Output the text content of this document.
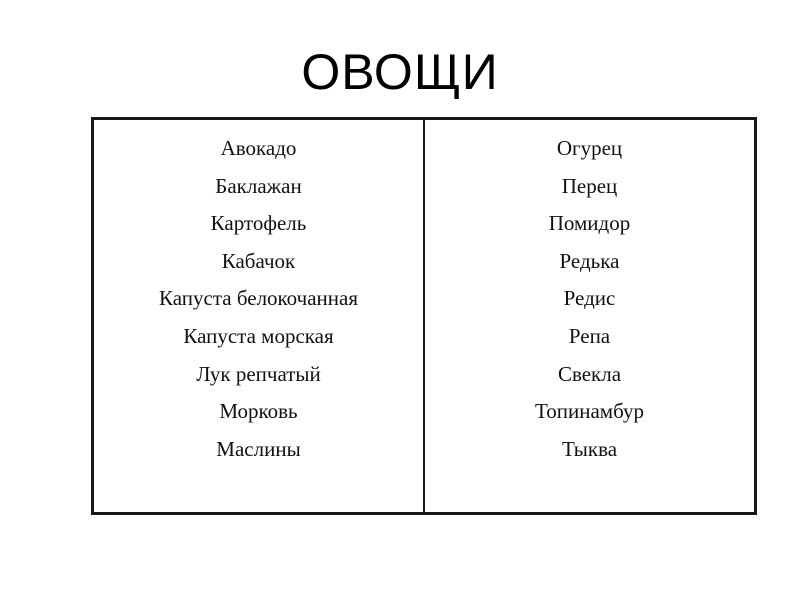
ОВОЩИ
Авокадо
Баклажан
Картофель
Кабачок
Капуста белокочанная
Капуста морская
Лук репчатый
Морковь
Маслины
Огурец
Перец
Помидор
Редька
Редис
Репа
Свекла
Топинамбур
Тыква
